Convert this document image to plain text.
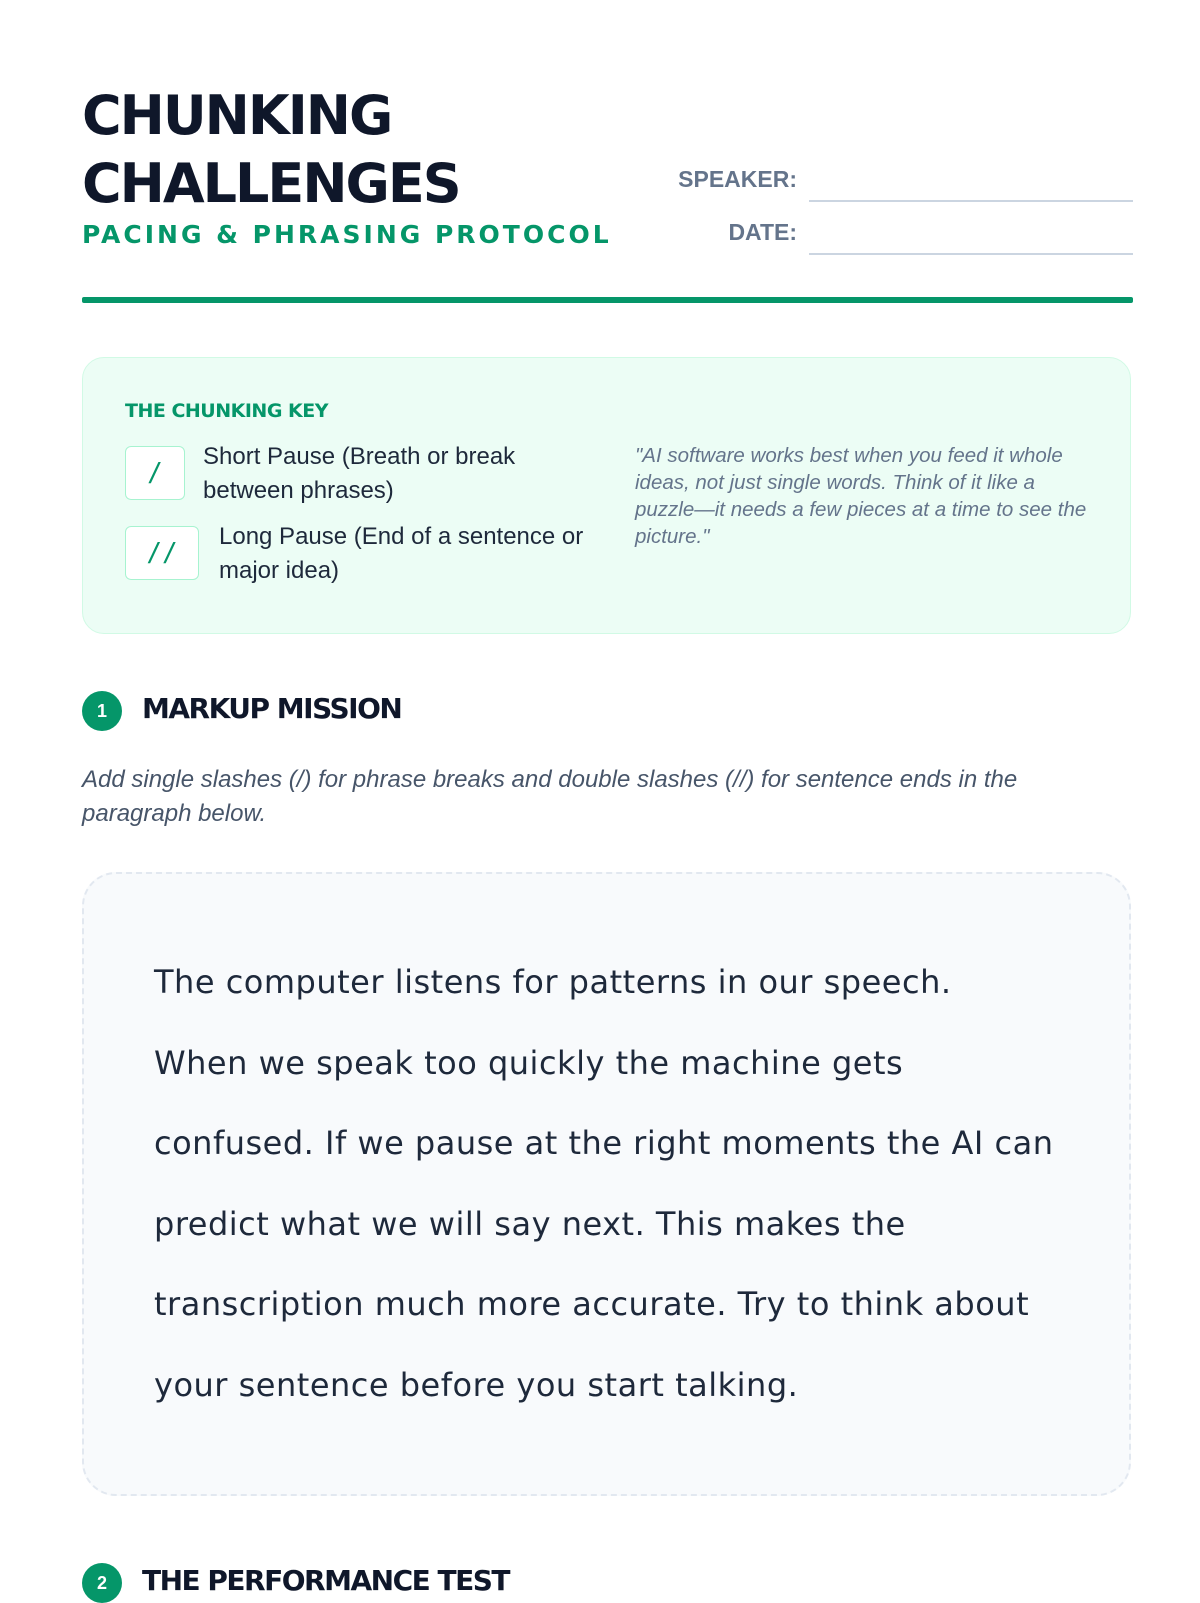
CHUNKING
CHALLENGES
PACING & PHRASING PROTOCOL
SPEAKER:
DATE:
THE CHUNKING KEY
/
Short Pause (Breath or break between phrases)
//
Long Pause (End of a sentence or major idea)
"AI software works best when you feed it whole ideas, not just single words. Think of it like a puzzle—it needs a few pieces at a time to see the picture."
1	MARKUP MISSION
Add single slashes (/) for phrase breaks and double slashes (//) for sentence ends in the paragraph below.
The computer listens for patterns in our speech. When we speak too quickly the machine gets confused. If we pause at the right moments the AI can predict what we will say next. This makes the transcription much more accurate. Try to think about your sentence before you start talking.
2	THE PERFORMANCE TEST
